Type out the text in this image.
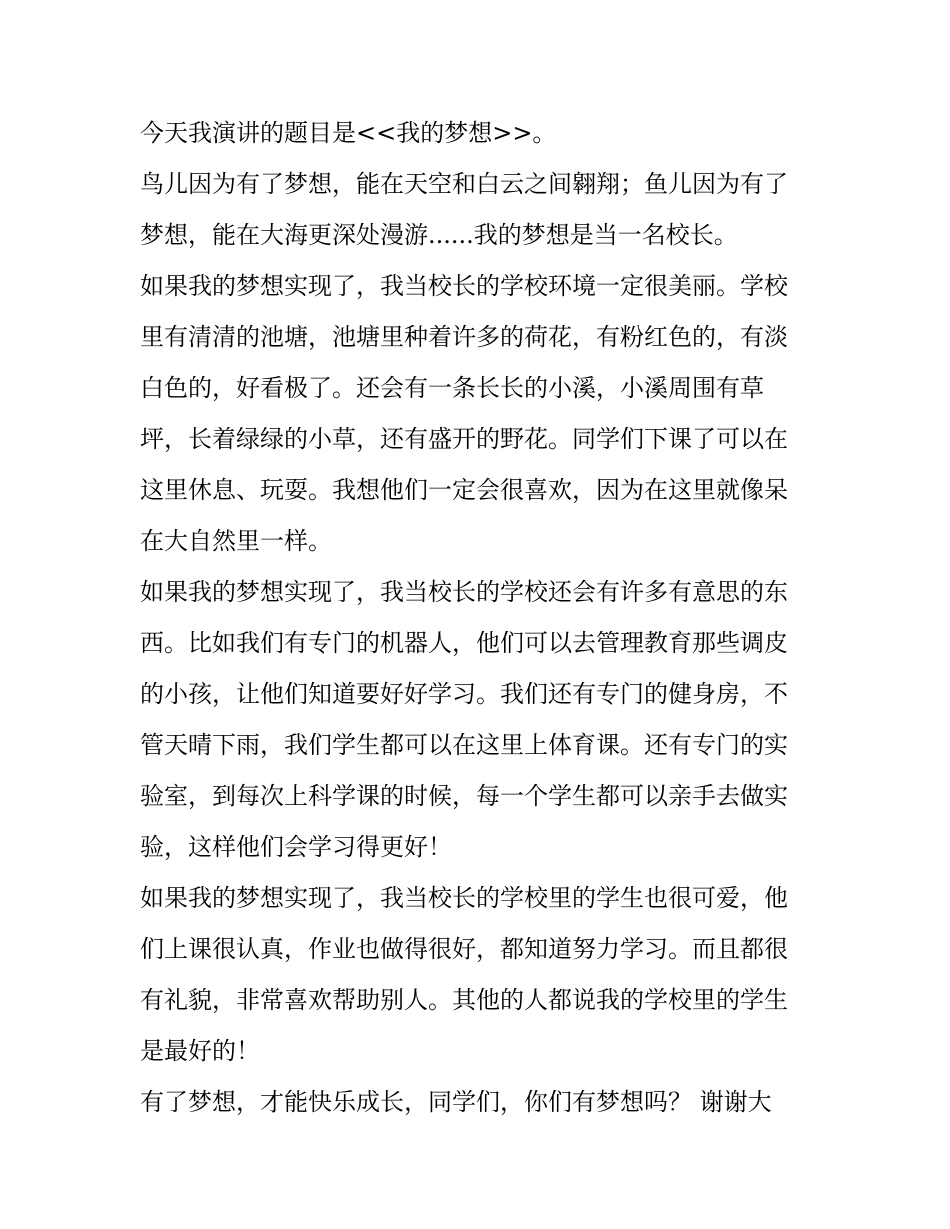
今天我演讲的题目是<<我的梦想>>。
鸟儿因为有了梦想，能在天空和白云之间翱翔；鱼儿因为有了
梦想，能在大海更深处漫游......我的梦想是当一名校长。
如果我的梦想实现了，我当校长的学校环境一定很美丽。学校
里有清清的池塘，池塘里种着许多的荷花，有粉红色的，有淡
白色的，好看极了。还会有一条长长的小溪，小溪周围有草
坪，长着绿绿的小草，还有盛开的野花。同学们下课了可以在
这里休息、玩耍。我想他们一定会很喜欢，因为在这里就像呆
在大自然里一样。
如果我的梦想实现了，我当校长的学校还会有许多有意思的东
西。比如我们有专门的机器人，他们可以去管理教育那些调皮
的小孩，让他们知道要好好学习。我们还有专门的健身房，不
管天晴下雨，我们学生都可以在这里上体育课。还有专门的实
验室，到每次上科学课的时候，每一个学生都可以亲手去做实
验，这样他们会学习得更好！
如果我的梦想实现了，我当校长的学校里的学生也很可爱，他
们上课很认真，作业也做得很好，都知道努力学习。而且都很
有礼貌，非常喜欢帮助别人。其他的人都说我的学校里的学生
是最好的！
有了梦想，才能快乐成长，同学们，你们有梦想吗？ 谢谢大
